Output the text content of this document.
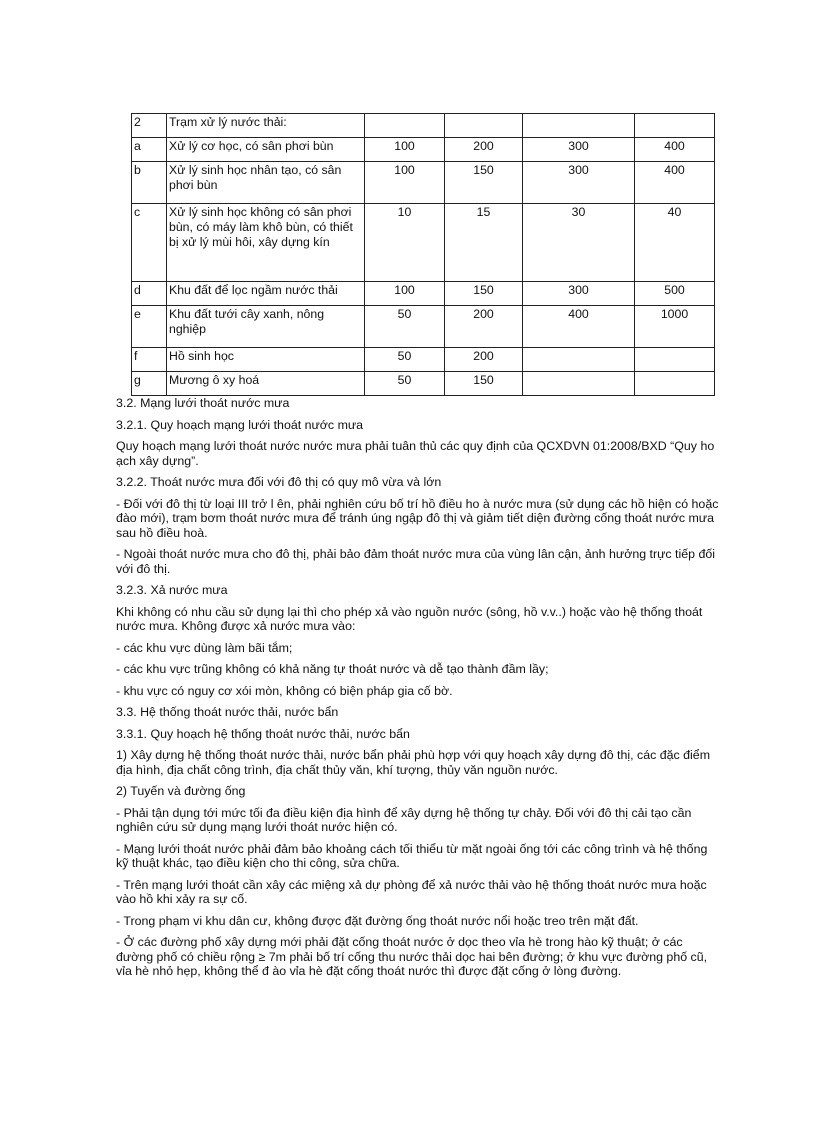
2	Trạm xử lý nước thải:				
a	Xử lý cơ học, có sân phơi bùn	100	200	300	400
b	Xử lý sinh học nhân tạo, có sân phơi bùn	100	150	300	400
c	Xử lý sinh học không có sân phơi bùn, có máy làm khô bùn, có thiết bị xử lý mùi hôi, xây dựng kín	10	15	30	40
d	Khu đất để lọc ngầm nước thải	100	150	300	500
e	Khu đất tưới cây xanh, nông nghiệp	50	200	400	1000
f	Hồ sinh học	50	200		
g	Mương ô xy hoá	50	150		

3.2. Mạng lưới thoát nước mưa

3.2.1. Quy hoạch mạng lưới thoát nước mưa

Quy hoạch mạng lưới thoát nước nước mưa phải tuân thủ các quy định của QCXDVN 01:2008/BXD “Quy ho ạch xây dựng”.

3.2.2. Thoát nước mưa đối với đô thị có quy mô vừa và lớn

- Đối với đô thị từ loại III trở l ên, phải nghiên cứu bố trí hồ điều ho à nước mưa (sử dụng các hồ hiện có hoặc đào mới), trạm bơm thoát nước mưa để tránh úng ngập đô thị và giảm tiết diện đường cống thoát nước mưa sau hồ điều hoà.

- Ngoài thoát nước mưa cho đô thị, phải bảo đảm thoát nước mưa của vùng lân cận, ảnh hưởng trực tiếp đối với đô thị.

3.2.3. Xả nước mưa

Khi không có nhu cầu sử dụng lại thì cho phép xả vào nguồn nước (sông, hồ v.v..) hoặc vào hệ thống thoát nước mưa. Không được xả nước mưa vào:

- các khu vực dùng làm bãi tắm;

- các khu vực trũng không có khả năng tự thoát nước và dễ tạo thành đầm lầy;

- khu vực có nguy cơ xói mòn, không có biện pháp gia cố bờ.

3.3. Hệ thống thoát nước thải, nước bẩn

3.3.1. Quy hoạch hệ thống thoát nước thải, nước bẩn

1) Xây dựng hệ thống thoát nước thải, nước bẩn phải phù hợp với quy hoạch xây dựng đô thị, các đặc điểm địa hình, địa chất công trình, địa chất thủy văn, khí tượng, thủy văn nguồn nước.

2) Tuyến và đường ống

- Phải tận dụng tới mức tối đa điều kiện địa hình để xây dựng hệ thống tự chảy. Đối với đô thị cải tạo cần nghiên cứu sử dụng mạng lưới thoát nước hiện có.

- Mạng lưới thoát nước phải đảm bảo khoảng cách tối thiểu từ mặt ngoài ống tới các công trình và hệ thống kỹ thuật khác, tạo điều kiện cho thi công, sửa chữa.

- Trên mạng lưới thoát cần xây các miệng xả dự phòng để xả nước thải vào hệ thống thoát nước mưa hoặc vào hồ khi xảy ra sự cố.

- Trong phạm vi khu dân cư, không được đặt đường ống thoát nước nổi hoặc treo trên mặt đất.

- Ở các đường phố xây dựng mới phải đặt cống thoát nước ở dọc theo vỉa hè trong hào kỹ thuật; ở các đường phố có chiều rộng ≥ 7m phải bố trí cống thu nước thải dọc hai bên đường; ở khu vực đường phố cũ, vỉa hè nhỏ hẹp, không thể đ ào vỉa hè đặt cống thoát nước thì được đặt cống ở lòng đường.
